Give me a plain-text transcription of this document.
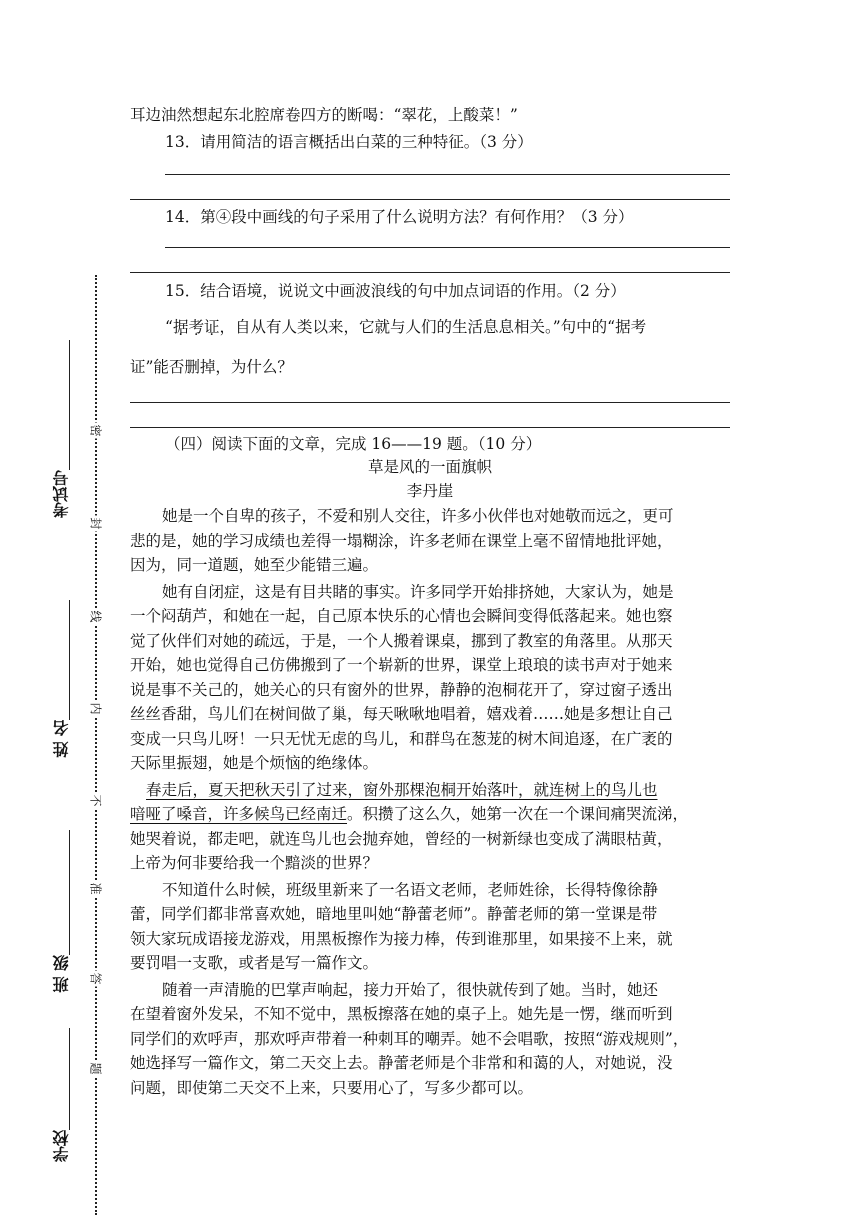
耳边油然想起东北腔席卷四方的断喝：“翠花，上酸菜！”
13．请用简洁的语言概括出白菜的三种特征。（3 分）
14．第④段中画线的句子采用了什么说明方法？有何作用？（3 分）
15．结合语境，说说文中画波浪线的句中加点词语的作用。（2 分）
“据考证，自从有人类以来，它就与人们的生活息息相关。”句中的“据考
证”能否删掉，为什么？
（四）阅读下面的文章，完成 16——19 题。（10 分）
草是风的一面旗帜
李丹崖
她是一个自卑的孩子，不爱和别人交往，许多小伙伴也对她敬而远之，更可
悲的是，她的学习成绩也差得一塌糊涂，许多老师在课堂上毫不留情地批评她，
因为，同一道题，她至少能错三遍。
她有自闭症，这是有目共睹的事实。许多同学开始排挤她，大家认为，她是
一个闷葫芦，和她在一起，自己原本快乐的心情也会瞬间变得低落起来。她也察
觉了伙伴们对她的疏远，于是，一个人搬着课桌，挪到了教室的角落里。从那天
开始，她也觉得自己仿佛搬到了一个崭新的世界，课堂上琅琅的读书声对于她来
说是事不关己的，她关心的只有窗外的世界，静静的泡桐花开了，穿过窗子透出
丝丝香甜，鸟儿们在树间做了巢，每天啾啾地唱着，嬉戏着……她是多想让自己
变成一只鸟儿呀！一只无忧无虑的鸟儿，和群鸟在葱茏的树木间追逐，在广袤的
天际里振翅，她是个烦恼的绝缘体。
春走后，夏天把秋天引了过来，窗外那棵泡桐开始落叶，就连树上的鸟儿也
喑哑了嗓音，许多候鸟已经南迁。积攒了这么久，她第一次在一个课间痛哭流涕，
她哭着说，都走吧，就连鸟儿也会抛弃她，曾经的一树新绿也变成了满眼枯黄，
上帝为何非要给我一个黯淡的世界？
不知道什么时候，班级里新来了一名语文老师，老师姓徐，长得特像徐静
蕾，同学们都非常喜欢她，暗地里叫她“静蕾老师”。静蕾老师的第一堂课是带
领大家玩成语接龙游戏，用黑板擦作为接力棒，传到谁那里，如果接不上来，就
要罚唱一支歌，或者是写一篇作文。
随着一声清脆的巴掌声响起，接力开始了，很快就传到了她。当时，她还
在望着窗外发呆，不知不觉中，黑板擦落在她的桌子上。她先是一愣，继而听到
同学们的欢呼声，那欢呼声带着一种刺耳的嘲弄。她不会唱歌，按照“游戏规则”，
她选择写一篇作文，第二天交上去。静蕾老师是个非常和和蔼的人，对她说，没
问题，即使第二天交不上来，只要用心了，写多少都可以。
考试号
姓 名
班 级
学校
密
封
线
内
不
准
答
题
